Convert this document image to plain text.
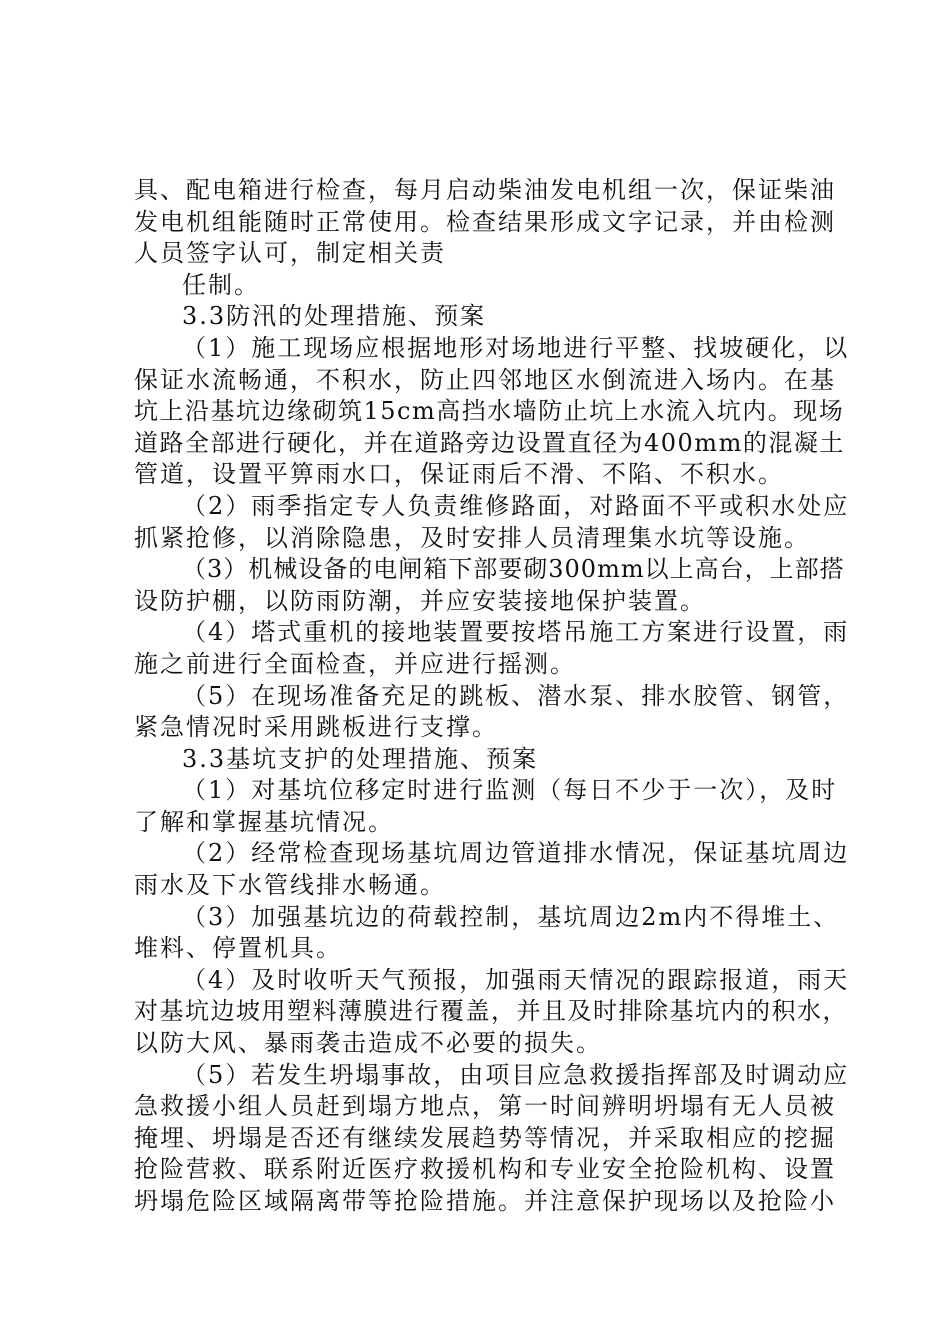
具、配电箱进行检查，每月启动柴油发电机组一次，保证柴油
发电机组能随时正常使用。检查结果形成文字记录，并由检测
人员签字认可，制定相关责
任制。
3.3防汛的处理措施、预案
（1）施工现场应根据地形对场地进行平整、找坡硬化，以
保证水流畅通，不积水，防止四邻地区水倒流进入场内。在基
坑上沿基坑边缘砌筑15cm高挡水墙防止坑上水流入坑内。现场
道路全部进行硬化，并在道路旁边设置直径为400mm的混凝土
管道，设置平箅雨水口，保证雨后不滑、不陷、不积水。
（2）雨季指定专人负责维修路面，对路面不平或积水处应
抓紧抢修，以消除隐患，及时安排人员清理集水坑等设施。
（3）机械设备的电闸箱下部要砌300mm以上高台，上部搭
设防护棚，以防雨防潮，并应安装接地保护装置。
（4）塔式重机的接地装置要按塔吊施工方案进行设置，雨
施之前进行全面检查，并应进行摇测。
（5）在现场准备充足的跳板、潜水泵、排水胶管、钢管，
紧急情况时采用跳板进行支撑。
3.3基坑支护的处理措施、预案
（1）对基坑位移定时进行监测（每日不少于一次），及时
了解和掌握基坑情况。
（2）经常检查现场基坑周边管道排水情况，保证基坑周边
雨水及下水管线排水畅通。
（3）加强基坑边的荷载控制，基坑周边2m内不得堆土、
堆料、停置机具。
（4）及时收听天气预报，加强雨天情况的跟踪报道，雨天
对基坑边坡用塑料薄膜进行覆盖，并且及时排除基坑内的积水，
以防大风、暴雨袭击造成不必要的损失。
（5）若发生坍塌事故，由项目应急救援指挥部及时调动应
急救援小组人员赶到塌方地点，第一时间辨明坍塌有无人员被
掩埋、坍塌是否还有继续发展趋势等情况，并采取相应的挖掘
抢险营救、联系附近医疗救援机构和专业安全抢险机构、设置
坍塌危险区域隔离带等抢险措施。并注意保护现场以及抢险小
